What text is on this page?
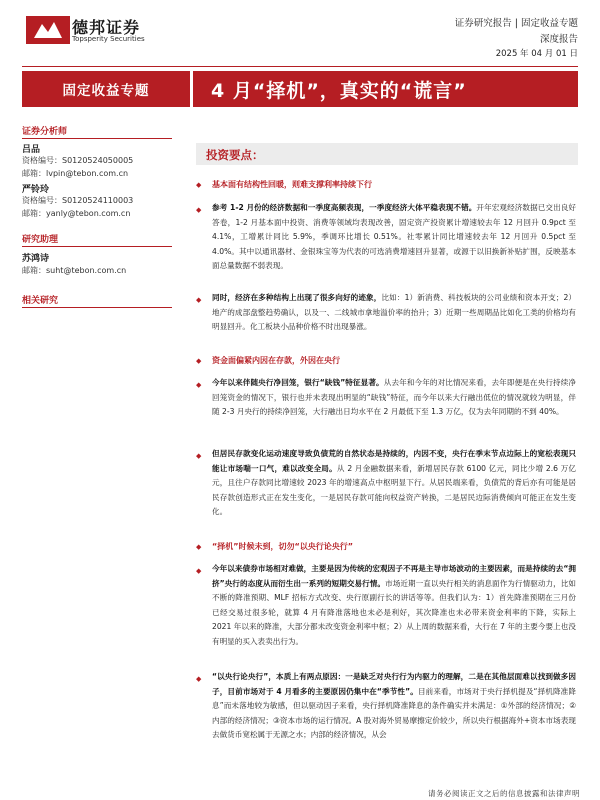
德邦证券
Topsperity Securities
证券研究报告 | 固定收益专题
深度报告
2025 年 04 月 01 日
固定收益专题	4 月“择机”，真实的“谎言”
证券分析师
吕品
资格编号：S0120524050005
邮箱：lvpin@tebon.com.cn
严铃玲
资格编号：S0120524110003
邮箱：yanly@tebon.com.cn
研究助理
苏鸿诗
邮箱：suht@tebon.com.cn
相关研究
投资要点：
◆ 基本面有结构性回暖，则难支撑利率持续下行
◆ 参考 1-2 月份的经济数据和一季度高频表现，一季度经济大体平稳表现不错。开年宏观经济数据已交出良好答卷，1-2 月基本面中投资、消费等领域均表现改善，固定资产投资累计增速较去年 12 月回升 0.9pct 至 4.1%，工增累计同比 5.9%，季调环比增长 0.51%。社零累计同比增速较去年 12 月回升 0.5pct 至 4.0%。其中以通讯器材、金银珠宝等为代表的可选消费增速回升显著，或源于以旧换新补贴扩围，反映基本面总量数据不弱表现。
◆ 同时，经济在多种结构上出现了很多向好的迹象，比如：1）新消费、科技板块的公司业绩和资本开支；2）地产的成部盘整趋势确认，以及一、二线城市拿地溢价率的抬升；3）近期一些周期品比如化工类的价格均有明显回升。化工板块小品种价格不时出现暴涨。
◆ 资金面偏紧内因在存款，外因在央行
◆ 今年以来伴随央行净回笼，银行“缺钱”特征显著。从去年和今年的对比情况来看，去年即便是在央行持续净回笼资金的情况下，银行也并未表现出明显的“缺钱”特征，而今年以来大行融出低位的情况就较为明显，伴随 2-3 月央行的持续净回笼，大行融出日均水平在 2 月最低下至 1.3 万亿，仅为去年同期的不到 40%。
◆ 但居民存款变化运动速度导致负债荒的自然状态是持续的，内因不变，央行在季末节点边际上的宽松表现只能让市场喘一口气，难以改变全局。从 2 月金融数据来看，新增居民存款 6100 亿元，同比少增 2.6 万亿元，且往户存款同比增速较 2023 年的增速高点中枢明显下行。从居民端来看，负债荒的背后亦有可能是居民存款创造形式正在发生变化，一是居民存款可能向权益资产转换，二是居民边际消费倾向可能正在发生变化。
◆ “择机”时候未到，切勿“以央行论央行”
◆ 今年以来债券市场相对难做，主要是因为传统的宏观因子不再是主导市场波动的主要因素，而是持续的去“拥挤”央行的态度从而衍生出一系列的短期交易行情。市场近期一直以央行相关的消息面作为行情驱动力，比如不断的降准预期、MLF 招标方式改变、央行原副行长的讲话等等。但我们认为：1）首先降准预期在三月份已经交易过很多轮，就算 4 月有降准落地也未必是利好，其次降准也未必带来资金利率的下降，实际上 2021 年以来的降准，大部分都未改变资金利率中枢；2）从上周的数据来看，大行在 7 年的主要今要上也没有明显的买入表卖出行为。
◆ “以央行论央行”，本质上有两点原因：一是缺乏对央行行为内驱力的理解，二是在其他层面难以找到做多因子，目前市场对于 4 月看多的主要原因仍集中在“季节性”。目前来看，市场对于央行择机提及“择机降准降息”而未落地较为敏感，但以驱动因子来看，央行择机降准降息的条件确实并未满足：①外部的经济情况；②内部的经济情况；③资本市场的运行情况。A 股对海外贸易摩擦定价较少，所以央行根据海外+资本市场表现去做货币宽松属于无源之水；内部的经济情况，从会
请务必阅读正文之后的信息披露和法律声明
